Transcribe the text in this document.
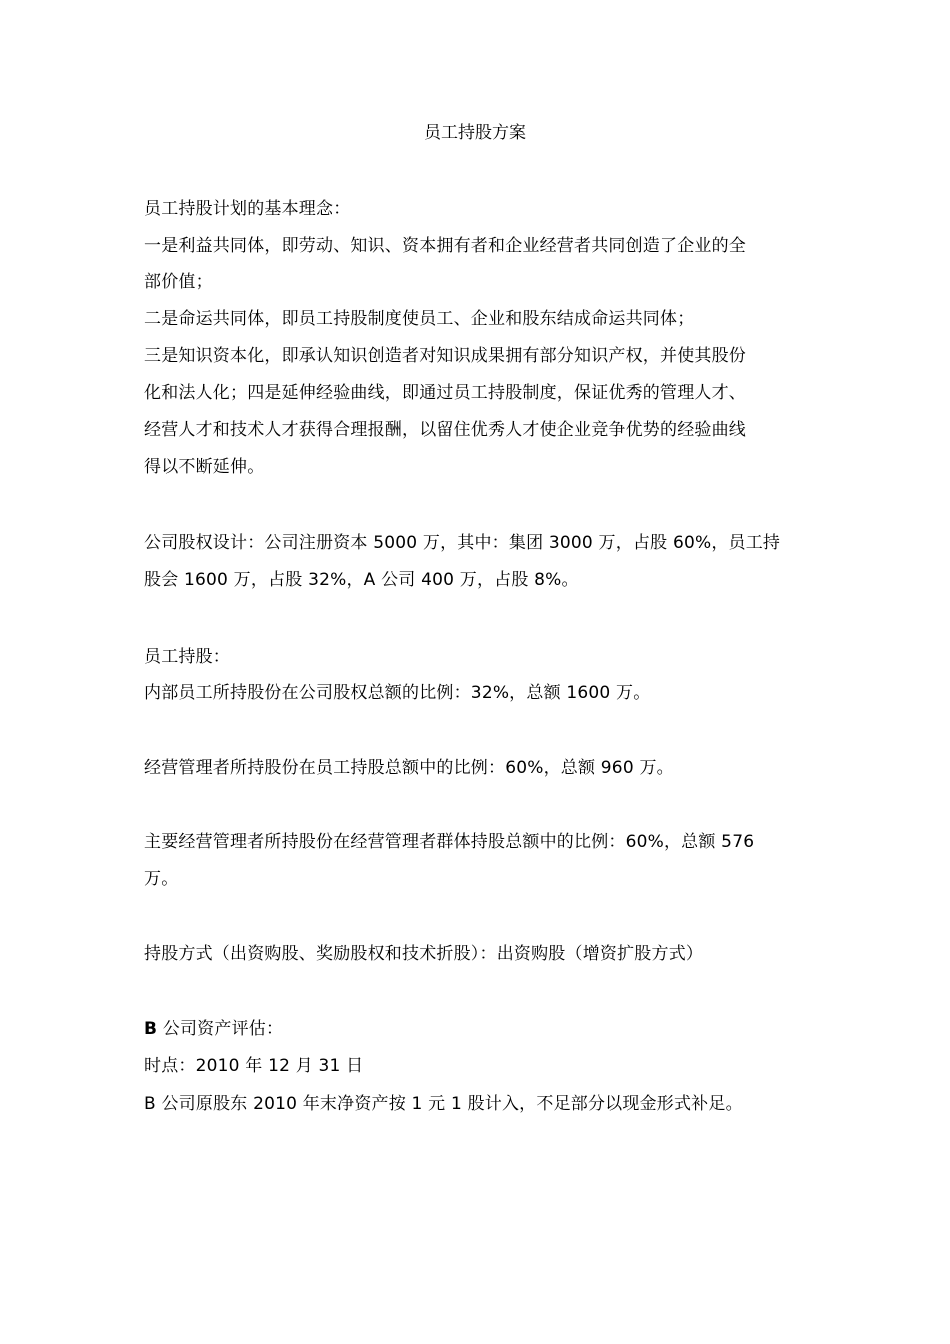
员工持股方案
员工持股计划的基本理念：
一是利益共同体，即劳动、知识、资本拥有者和企业经营者共同创造了企业的全
部价值；
二是命运共同体，即员工持股制度使员工、企业和股东结成命运共同体；
三是知识资本化，即承认知识创造者对知识成果拥有部分知识产权，并使其股份
化和法人化；四是延伸经验曲线，即通过员工持股制度，保证优秀的管理人才、
经营人才和技术人才获得合理报酬，以留住优秀人才使企业竞争优势的经验曲线
得以不断延伸。
公司股权设计：公司注册资本 5000 万，其中：集团 3000 万，占股 60%，员工持
股会 1600 万，占股 32%，A 公司 400 万，占股 8%。
员工持股：
内部员工所持股份在公司股权总额的比例：32%，总额 1600 万。
经营管理者所持股份在员工持股总额中的比例：60%，总额 960 万。
主要经营管理者所持股份在经营管理者群体持股总额中的比例：60%，总额 576
万。
持股方式（出资购股、奖励股权和技术折股）：出资购股（增资扩股方式）
B 公司资产评估：
时点：2010 年 12 月 31 日
B 公司原股东 2010 年末净资产按 1 元 1 股计入，不足部分以现金形式补足。
